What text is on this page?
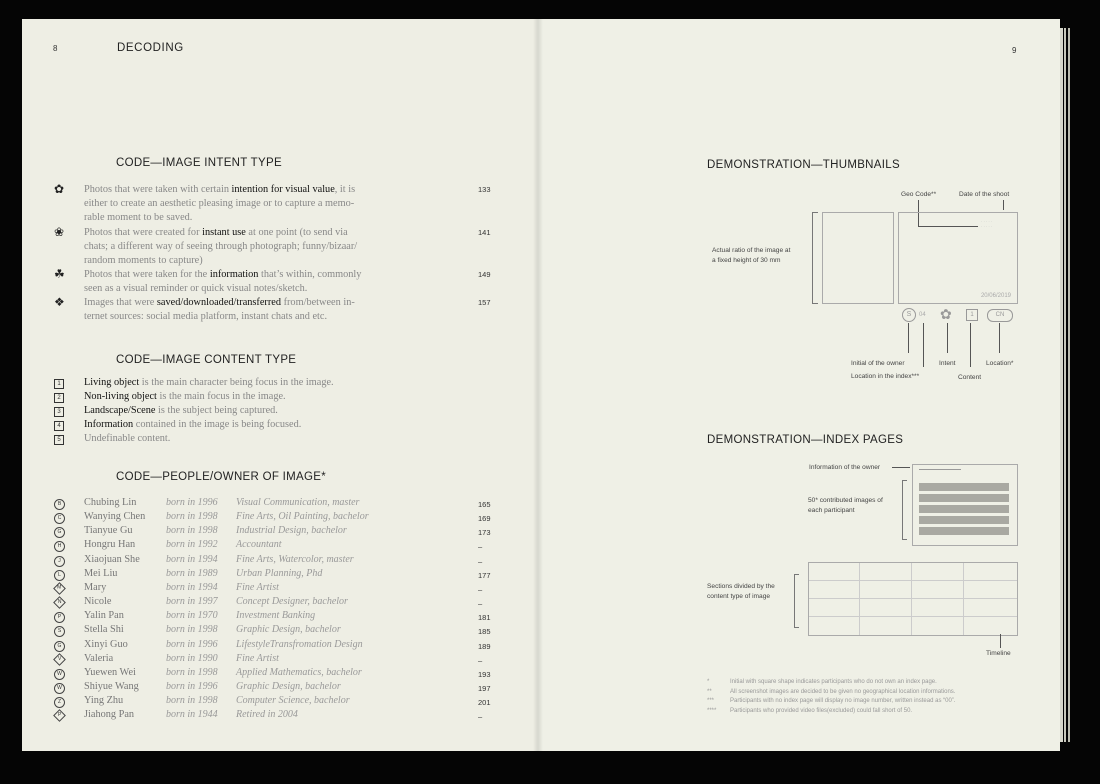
8	DECODING
CODE—IMAGE INTENT TYPE
✿ Photos that were taken with certain intention for visual value, it is
either to create an aesthetic pleasing image or to capture a memo-
rable moment to be saved.
133
❀ Photos that were created for instant use at one point (to send via
chats; a different way of seeing through photograph; funny/bizaar/
random moments to capture)
141
☘ Photos that were taken for the information that’s within, commonly
seen as a visual reminder or quick visual notes/sketch.
149
❖ Images that were saved/downloaded/transferred from/between in-
ternet sources: social media platform, instant chats and etc.
157
CODE—IMAGE CONTENT TYPE
1	Living object is the main character being focus in the image.
2	Non-living object is the main focus in the image.
3	Landscape/Scene is the subject being captured.
4	Information contained in the image is being focused.
5	Undefinable content.
CODE—PEOPLE/OWNER OF IMAGE*
B	Chubing Lin	born in 1996 Visual Communication, master	165
C	Wanying Chen born in 1998 Fine Arts, Oil Painting, bachelor	169
G	Tianyue Gu	born in 1998 Industrial Design, bachelor	173
H	Hongru Han	born in 1992 Accountant	–
J	Xiaojuan She	born in 1994 Fine Arts, Watercolor, master	–
L	Mei Liu	born in 1989 Urban Planning, Phd	177
M	Mary	born in 1994 Fine Artist	–
N	Nicole	born in 1997 Concept Designer, bachelor	–
P	Yalin Pan	born in 1970 Investment Banking	181
S	Stella Shi	born in 1998 Graphic Design, bachelor	185
G	Xinyi Guo	born in 1996 LifestyleTransfromation Design	189
V	Valeria	born in 1990 Fine Artist	–
W	Yuewen Wei	born in 1998 Applied Mathematics, bachelor	193
W	Shiyue Wang	born in 1996 Graphic Design, bachelor	197
Z	Ying Zhu	born in 1998 Computer Science, bachelor	201
P	Jiahong Pan	born in 1944 Retired in 2004	–
9
DEMONSTRATION—THUMBNAILS
Geo Code**	Date of the shoot
Actual ratio of the image at
a fixed height of 30 mm
· · · · ·
· · · · ·
20/06/2019
S	04 ✿	1	CN
Initial of the owner
Location in the index***
Intent
Content
Location*
DEMONSTRATION—INDEX PAGES
Information of the owner
50* contributed images of
each participant
Sections divided by the
content type of image
Timeline
*	Initial with square shape indicates participants who do not own an index page.
**	All screenshot images are decided to be given no geographical location informations.
***	Participants with no index page will display no image number, written instead as “00”.
**** Participants who provided video files(excluded) could fall short of 50.
